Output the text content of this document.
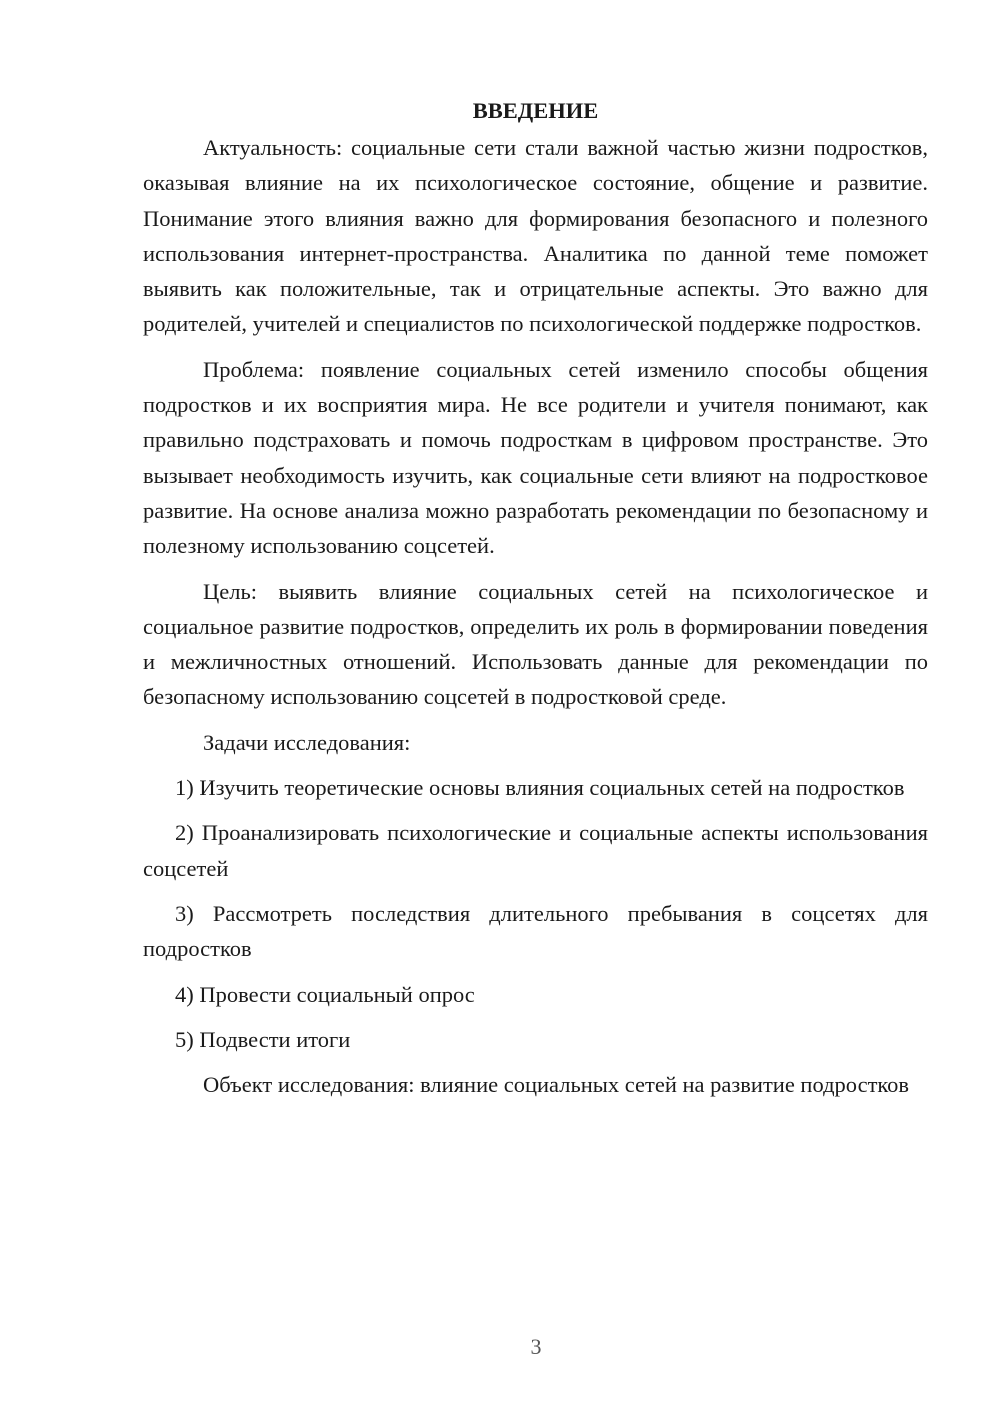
ВВЕДЕНИЕ

Актуальность: социальные сети стали важной частью жизни подростков, оказывая влияние на их психологическое состояние, общение и развитие. Понимание этого влияния важно для формирования безопасного и полезного использования интернет-пространства. Аналитика по данной теме поможет выявить как положительные, так и отрицательные аспекты. Это важно для родителей, учителей и специалистов по психологической поддержке подростков.

Проблема: появление социальных сетей изменило способы общения подростков и их восприятия мира. Не все родители и учителя понимают, как правильно подстраховать и помочь подросткам в цифровом пространстве. Это вызывает необходимость изучить, как социальные сети влияют на подростковое развитие. На основе анализа можно разработать рекомендации по безопасному и полезному использованию соцсетей.

Цель: выявить влияние социальных сетей на психологическое и социальное развитие подростков, определить их роль в формировании поведения и межличностных отношений. Использовать данные для рекомендации по безопасному использованию соцсетей в подростковой среде.

Задачи исследования:

1) Изучить теоретические основы влияния социальных сетей на подростков

2) Проанализировать психологические и социальные аспекты использования соцсетей

3) Рассмотреть последствия длительного пребывания в соцсетях для подростков

4) Провести социальный опрос

5) Подвести итоги

Объект исследования: влияние социальных сетей на развитие подростков

3
